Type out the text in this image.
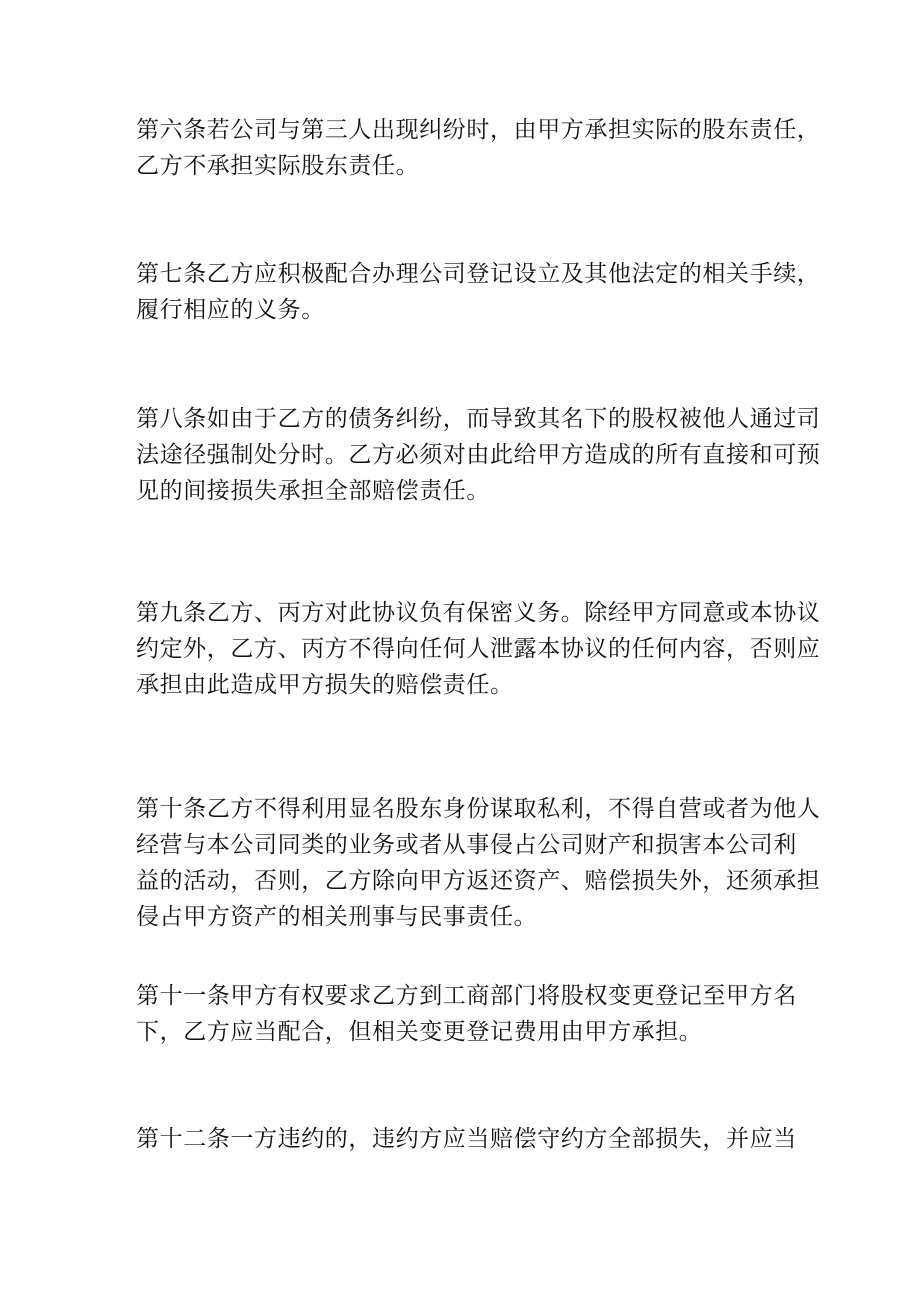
第六条若公司与第三人出现纠纷时，由甲方承担实际的股东责任，
乙方不承担实际股东责任。

第七条乙方应积极配合办理公司登记设立及其他法定的相关手续，
履行相应的义务。

第八条如由于乙方的债务纠纷，而导致其名下的股权被他人通过司
法途径强制处分时。乙方必须对由此给甲方造成的所有直接和可预
见的间接损失承担全部赔偿责任。

第九条乙方、丙方对此协议负有保密义务。除经甲方同意或本协议
约定外，乙方、丙方不得向任何人泄露本协议的任何内容，否则应
承担由此造成甲方损失的赔偿责任。

第十条乙方不得利用显名股东身份谋取私利，不得自营或者为他人
经营与本公司同类的业务或者从事侵占公司财产和损害本公司利
益的活动，否则，乙方除向甲方返还资产、赔偿损失外，还须承担
侵占甲方资产的相关刑事与民事责任。

第十一条甲方有权要求乙方到工商部门将股权变更登记至甲方名
下，乙方应当配合，但相关变更登记费用由甲方承担。

第十二条一方违约的，违约方应当赔偿守约方全部损失，并应当
